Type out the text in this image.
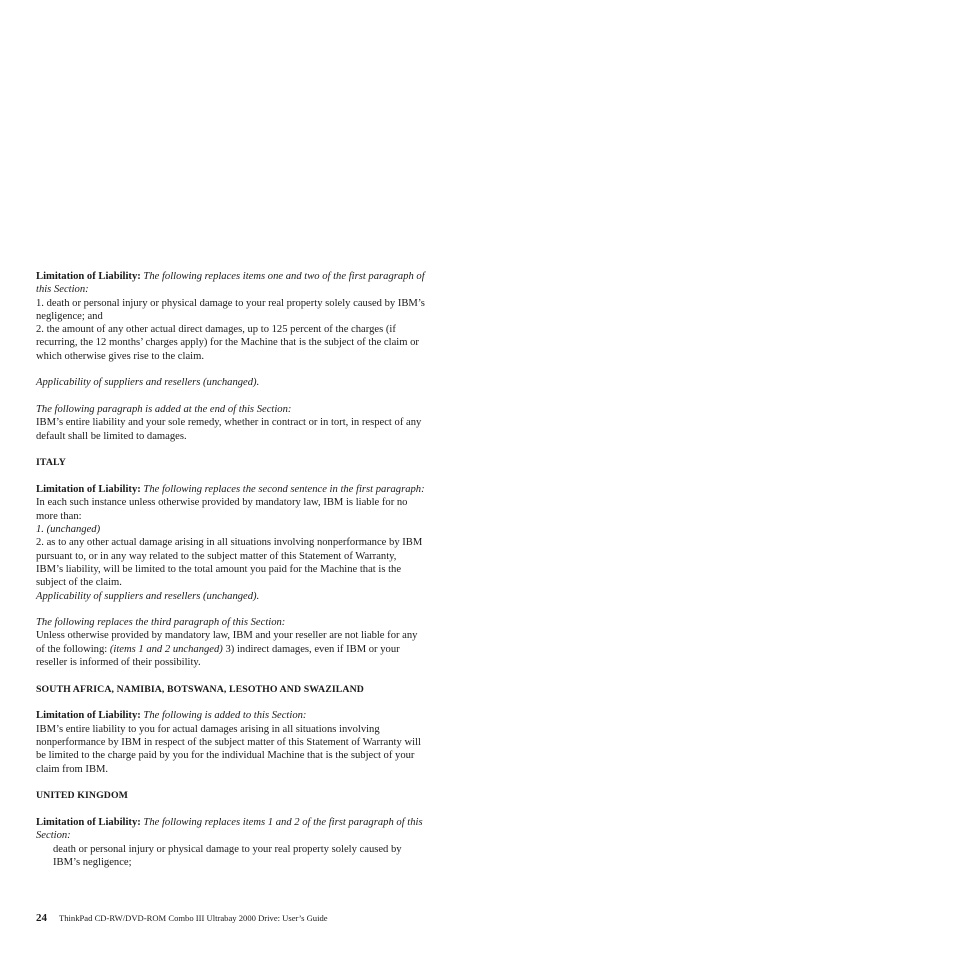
Limitation of Liability: The following replaces items one and two of the first paragraph of this Section:

1. death or personal injury or physical damage to your real property solely caused by IBM’s negligence; and

2. the amount of any other actual direct damages, up to 125 percent of the charges (if recurring, the 12 months’ charges apply) for the Machine that is the subject of the claim or which otherwise gives rise to the claim.

Applicability of suppliers and resellers (unchanged).

The following paragraph is added at the end of this Section:

IBM’s entire liability and your sole remedy, whether in contract or in tort, in respect of any default shall be limited to damages.

ITALY

Limitation of Liability: The following replaces the second sentence in the first paragraph:

In each such instance unless otherwise provided by mandatory law, IBM is liable for no more than:

1. (unchanged)

2. as to any other actual damage arising in all situations involving nonperformance by IBM pursuant to, or in any way related to the subject matter of this Statement of Warranty, IBM’s liability, will be limited to the total amount you paid for the Machine that is the subject of the claim.

Applicability of suppliers and resellers (unchanged).

The following replaces the third paragraph of this Section:

Unless otherwise provided by mandatory law, IBM and your reseller are not liable for any of the following: (items 1 and 2 unchanged) 3) indirect damages, even if IBM or your reseller is informed of their possibility.

SOUTH AFRICA, NAMIBIA, BOTSWANA, LESOTHO AND SWAZILAND

Limitation of Liability: The following is added to this Section:

IBM’s entire liability to you for actual damages arising in all situations involving nonperformance by IBM in respect of the subject matter of this Statement of Warranty will be limited to the charge paid by you for the individual Machine that is the subject of your claim from IBM.

UNITED KINGDOM

Limitation of Liability: The following replaces items 1 and 2 of the first paragraph of this Section:

death or personal injury or physical damage to your real property solely caused by IBM’s negligence;

24 ThinkPad CD-RW/DVD-ROM Combo III Ultrabay 2000 Drive: User’s Guide
